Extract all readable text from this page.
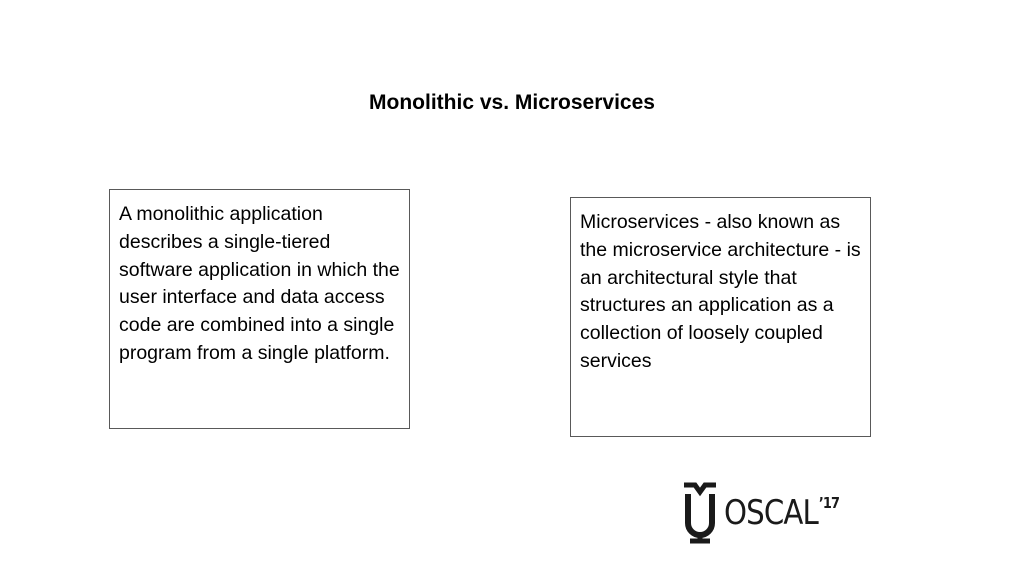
Monolithic vs. Microservices
A monolithic application describes a single-tiered software application in which the user interface and data access code are combined into a single program from a single platform.
Microservices - also known as the microservice architecture - is an architectural style that structures an application as a collection of loosely coupled services
OSCAL ’17
